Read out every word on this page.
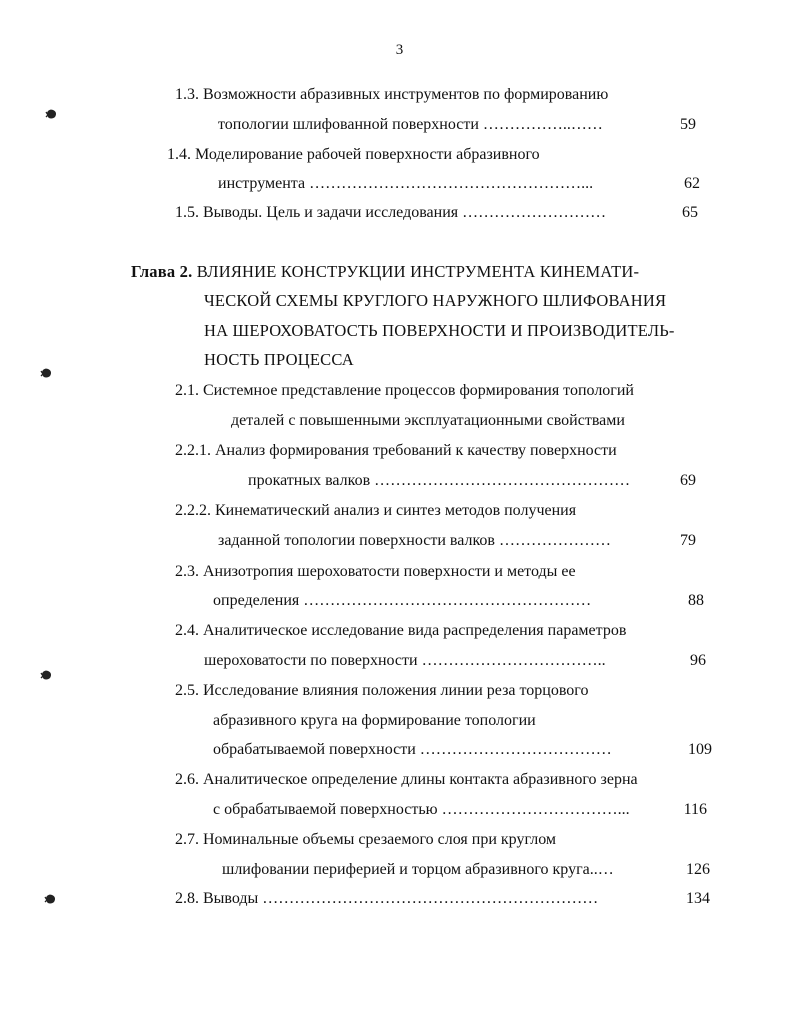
3
1.3. Возможности абразивных инструментов по формированию
топологии шлифованной поверхности ……………..……	59
1.4. Моделирование рабочей поверхности абразивного
инструмента ……………………………………………...	62
1.5. Выводы. Цель и задачи исследования ………………………	65
Глава 2. ВЛИЯНИЕ КОНСТРУКЦИИ ИНСТРУМЕНТА КИНЕМАТИ-
ЧЕСКОЙ СХЕМЫ КРУГЛОГО НАРУЖНОГО ШЛИФОВАНИЯ
НА ШЕРОХОВАТОСТЬ ПОВЕРХНОСТИ И ПРОИЗВОДИТЕЛЬ-
НОСТЬ ПРОЦЕССА
2.1. Системное представление процессов формирования топологий
деталей с повышенными эксплуатационными свойствами
2.2.1. Анализ формирования требований к качеству поверхности
прокатных валков …………………………………………	69
2.2.2. Кинематический анализ и синтез методов получения
заданной топологии поверхности валков …………………	79
2.3. Анизотропия шероховатости поверхности и методы ее
определения ………………………………………………	88
2.4. Аналитическое исследование вида распределения параметров
шероховатости по поверхности ……………………………..	96
2.5. Исследование влияния положения линии реза торцового
абразивного круга на формирование топологии
обрабатываемой поверхности ………………………………	109
2.6. Аналитическое определение длины контакта абразивного зерна
с обрабатываемой поверхностью ……………………………...	116
2.7. Номинальные объемы срезаемого слоя при круглом
шлифовании периферией и торцом абразивного круга..…	126
2.8. Выводы ………………………………………………………	134
